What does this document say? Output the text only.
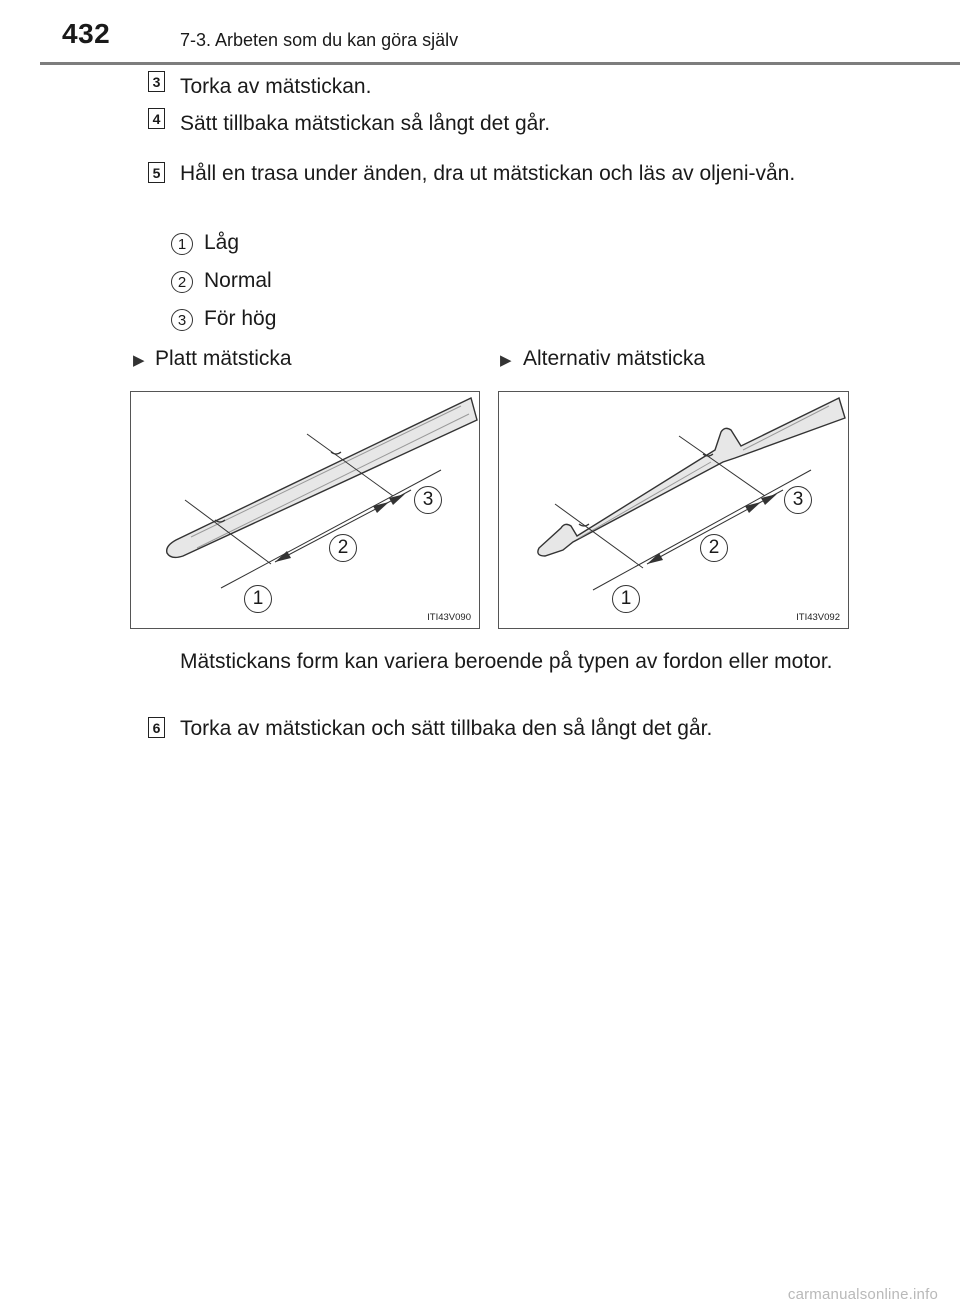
432	7-3. Arbeten som du kan göra själv
3 Torka av mätstickan.
4 Sätt tillbaka mätstickan så långt det går.
5 Håll en trasa under änden, dra ut mätstickan och läs av oljeni-vån.
1 Låg
2 Normal
3 För hög
▶ Platt mätsticka	▶ Alternativ mätsticka
1
2
3
ITI43V090
1
2
3
ITI43V092
Mätstickans form kan variera beroende på typen av fordon eller motor.
6 Torka av mätstickan och sätt tillbaka den så långt det går.
carmanualsonline.info
